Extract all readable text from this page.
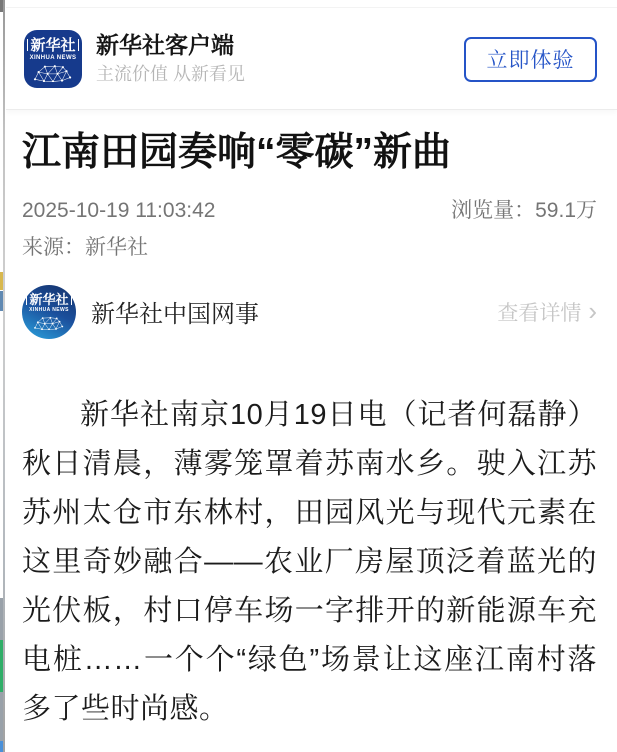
新华社
XINHUA NEWS 新华社客户端
主流价值 从新看见
立即体验
江南田园奏响“零碳”新曲
2025-10-19 11:03:42	浏览量：59.1万
来源：新华社
新华社
XINHUA NEWS 新华社中国网事	查看详情 ›

新华社南京10月19日电（记者何磊静）秋日清晨，薄雾笼罩着苏南水乡。驶入江苏苏州太仓市东林村，田园风光与现代元素在这里奇妙融合——农业厂房屋顶泛着蓝光的光伏板，村口停车场一字排开的新能源车充电桩……一个个“绿色”场景让这座江南村落多了些时尚感。
